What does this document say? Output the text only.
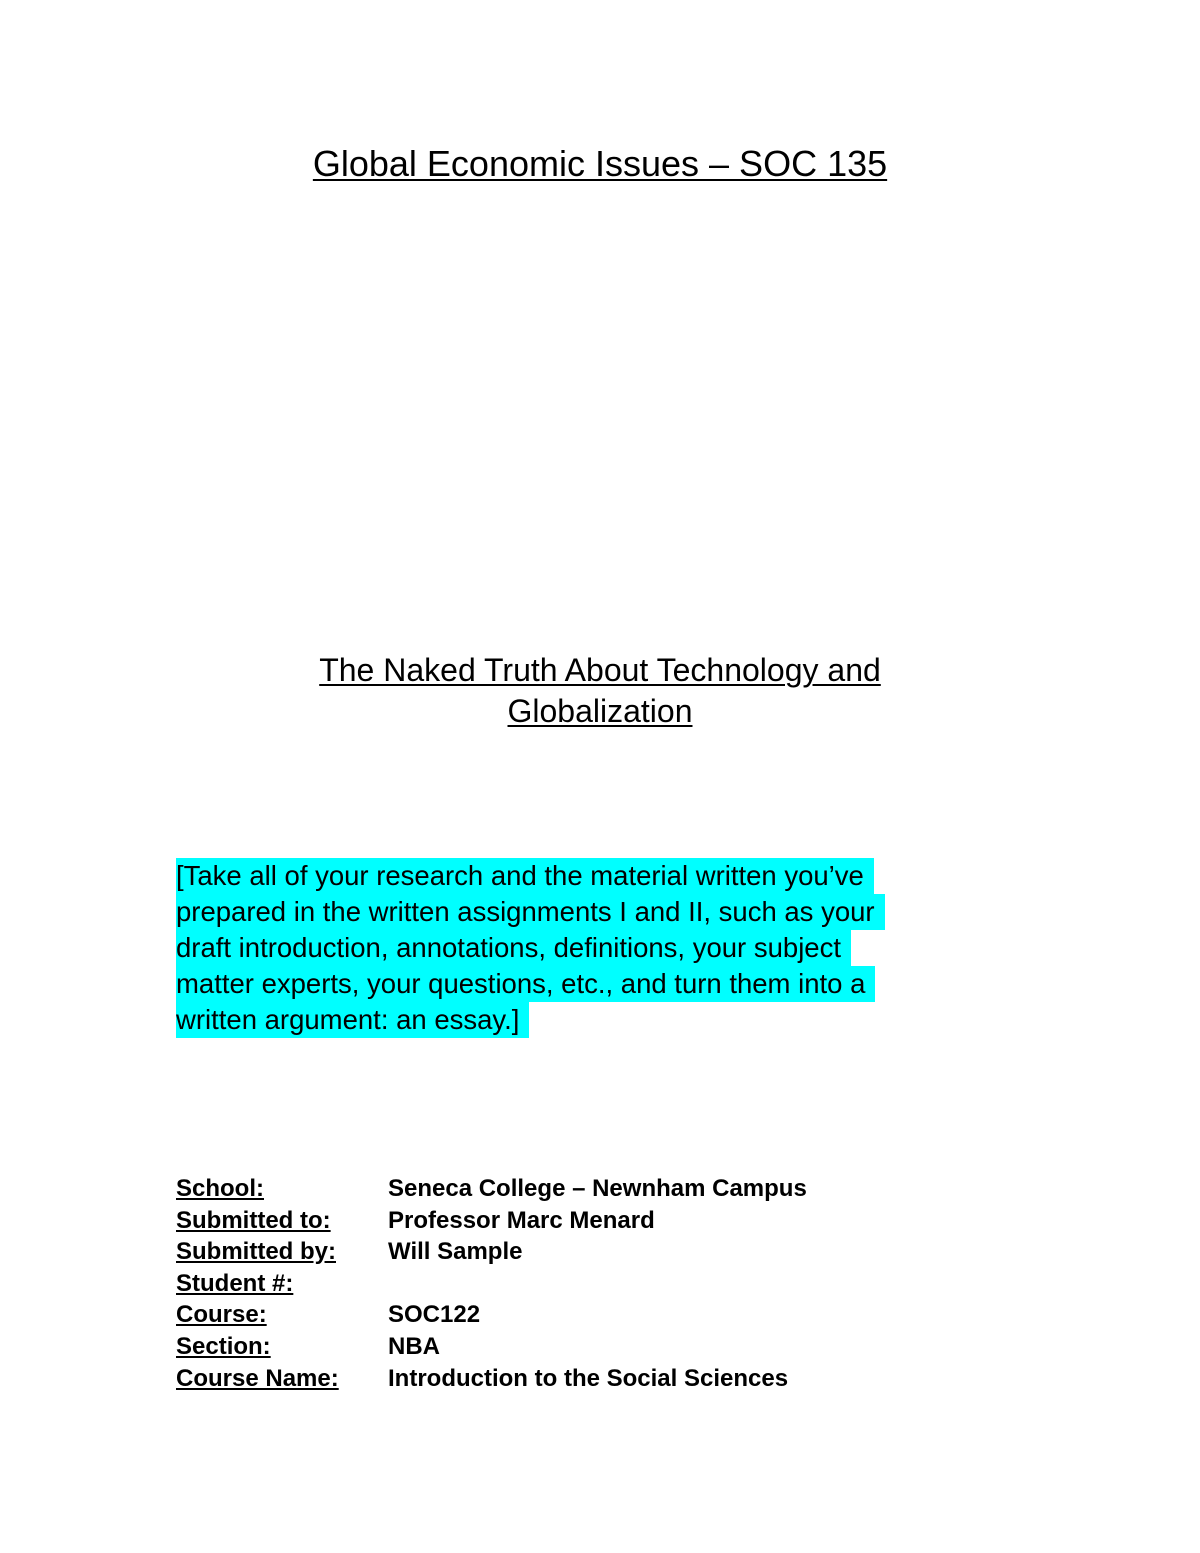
Global Economic Issues – SOC 135
The Naked Truth About Technology and
Globalization
[Take all of your research and the material written you’ve
prepared in the written assignments I and II, such as your
draft introduction, annotations, definitions, your subject
matter experts, your questions, etc., and turn them into a
written argument: an essay.]
School:	Seneca College – Newnham Campus
Submitted to:	Professor Marc Menard
Submitted by:	Will Sample
Student #:
Course:	SOC122
Section:	NBA
Course Name:	Introduction to the Social Sciences
